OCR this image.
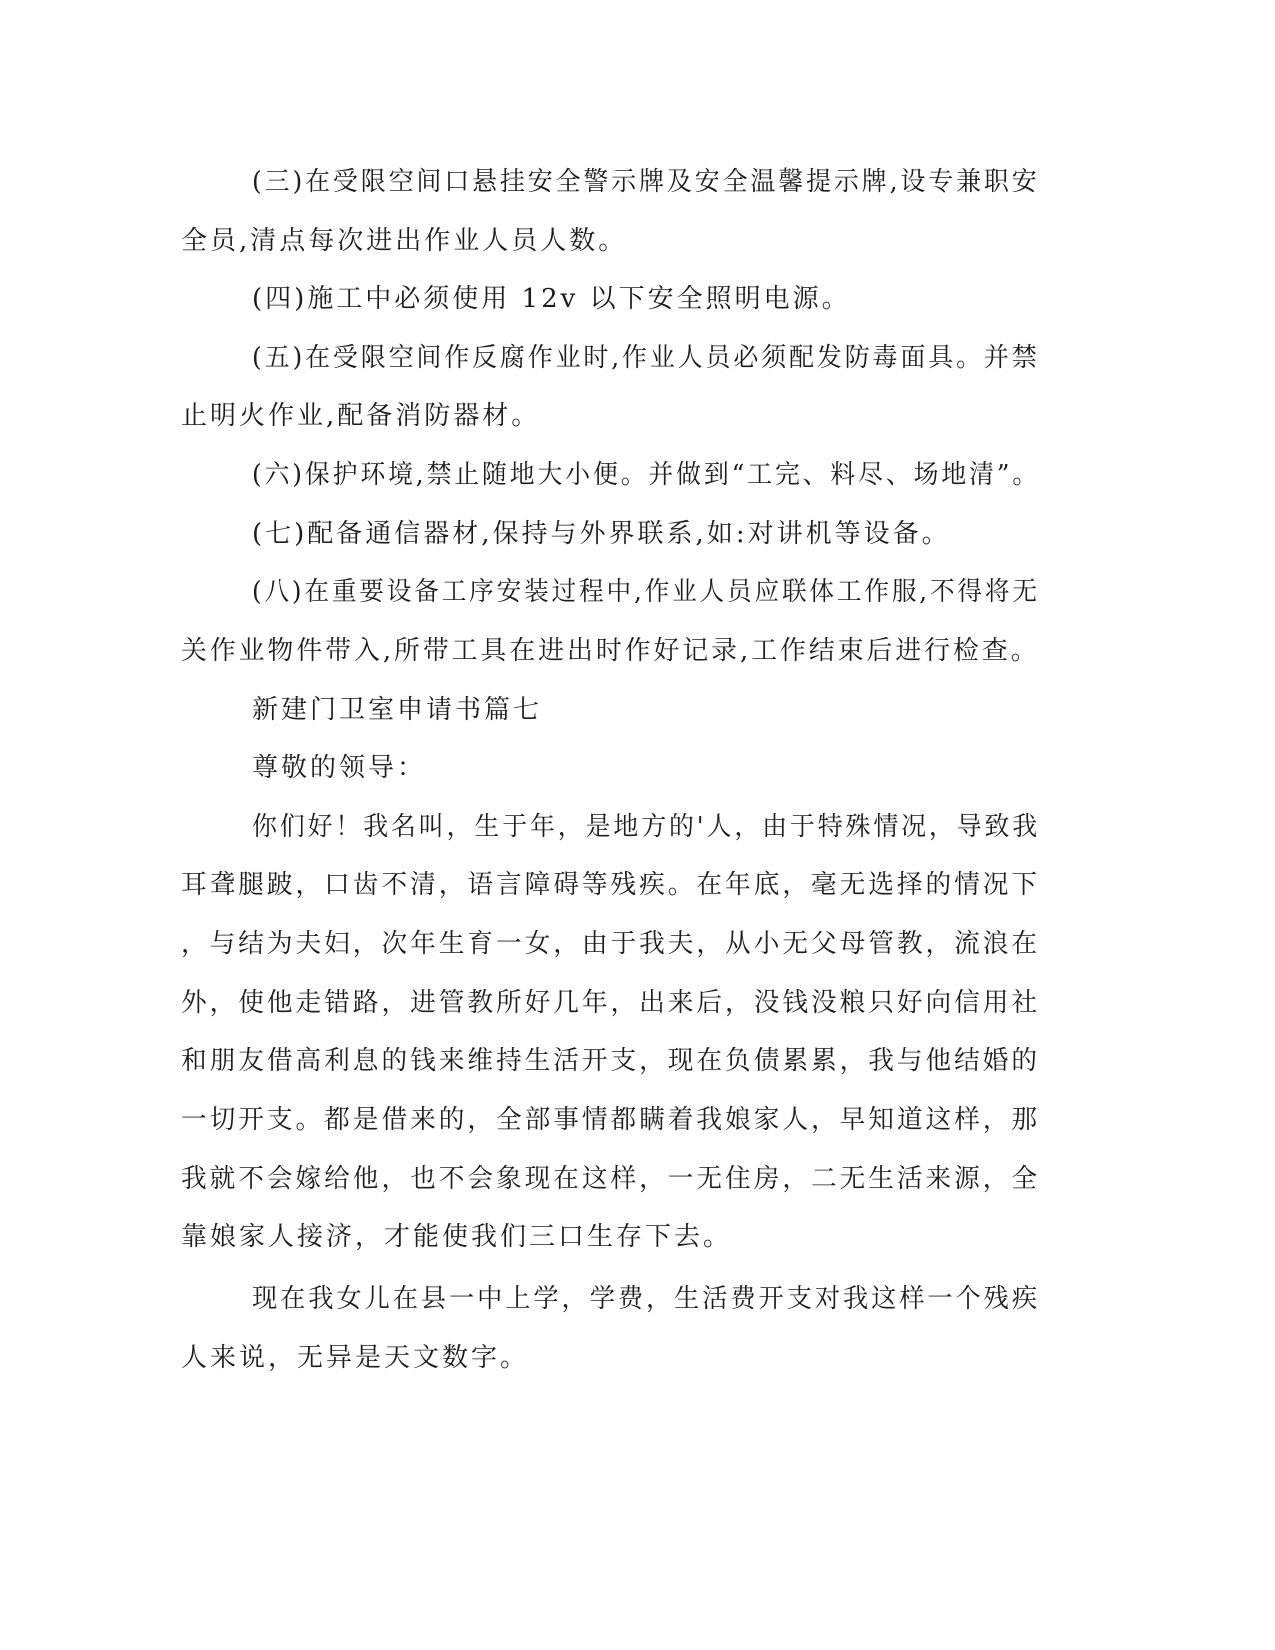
(三)在受限空间口悬挂安全警示牌及安全温馨提示牌,设专兼职安
全员,清点每次进出作业人员人数。
(四)施工中必须使用 12v 以下安全照明电源。
(五)在受限空间作反腐作业时,作业人员必须配发防毒面具。并禁
止明火作业,配备消防器材。
(六)保护环境,禁止随地大小便。并做到“工完、料尽、场地清”。
(七)配备通信器材,保持与外界联系,如:对讲机等设备。
(八)在重要设备工序安装过程中,作业人员应联体工作服,不得将无
关作业物件带入,所带工具在进出时作好记录,工作结束后进行检查。
新建门卫室申请书篇七
尊敬的领导：
你们好！我名叫，生于年，是地方的'人，由于特殊情况，导致我
耳聋腿跛，口齿不清，语言障碍等残疾。在年底，毫无选择的情况下
，与结为夫妇，次年生育一女，由于我夫，从小无父母管教，流浪在
外，使他走错路，进管教所好几年，出来后，没钱没粮只好向信用社
和朋友借高利息的钱来维持生活开支，现在负债累累，我与他结婚的
一切开支。都是借来的，全部事情都瞒着我娘家人，早知道这样，那
我就不会嫁给他，也不会象现在这样，一无住房，二无生活来源，全
靠娘家人接济，才能使我们三口生存下去。
现在我女儿在县一中上学，学费，生活费开支对我这样一个残疾
人来说，无异是天文数字。
